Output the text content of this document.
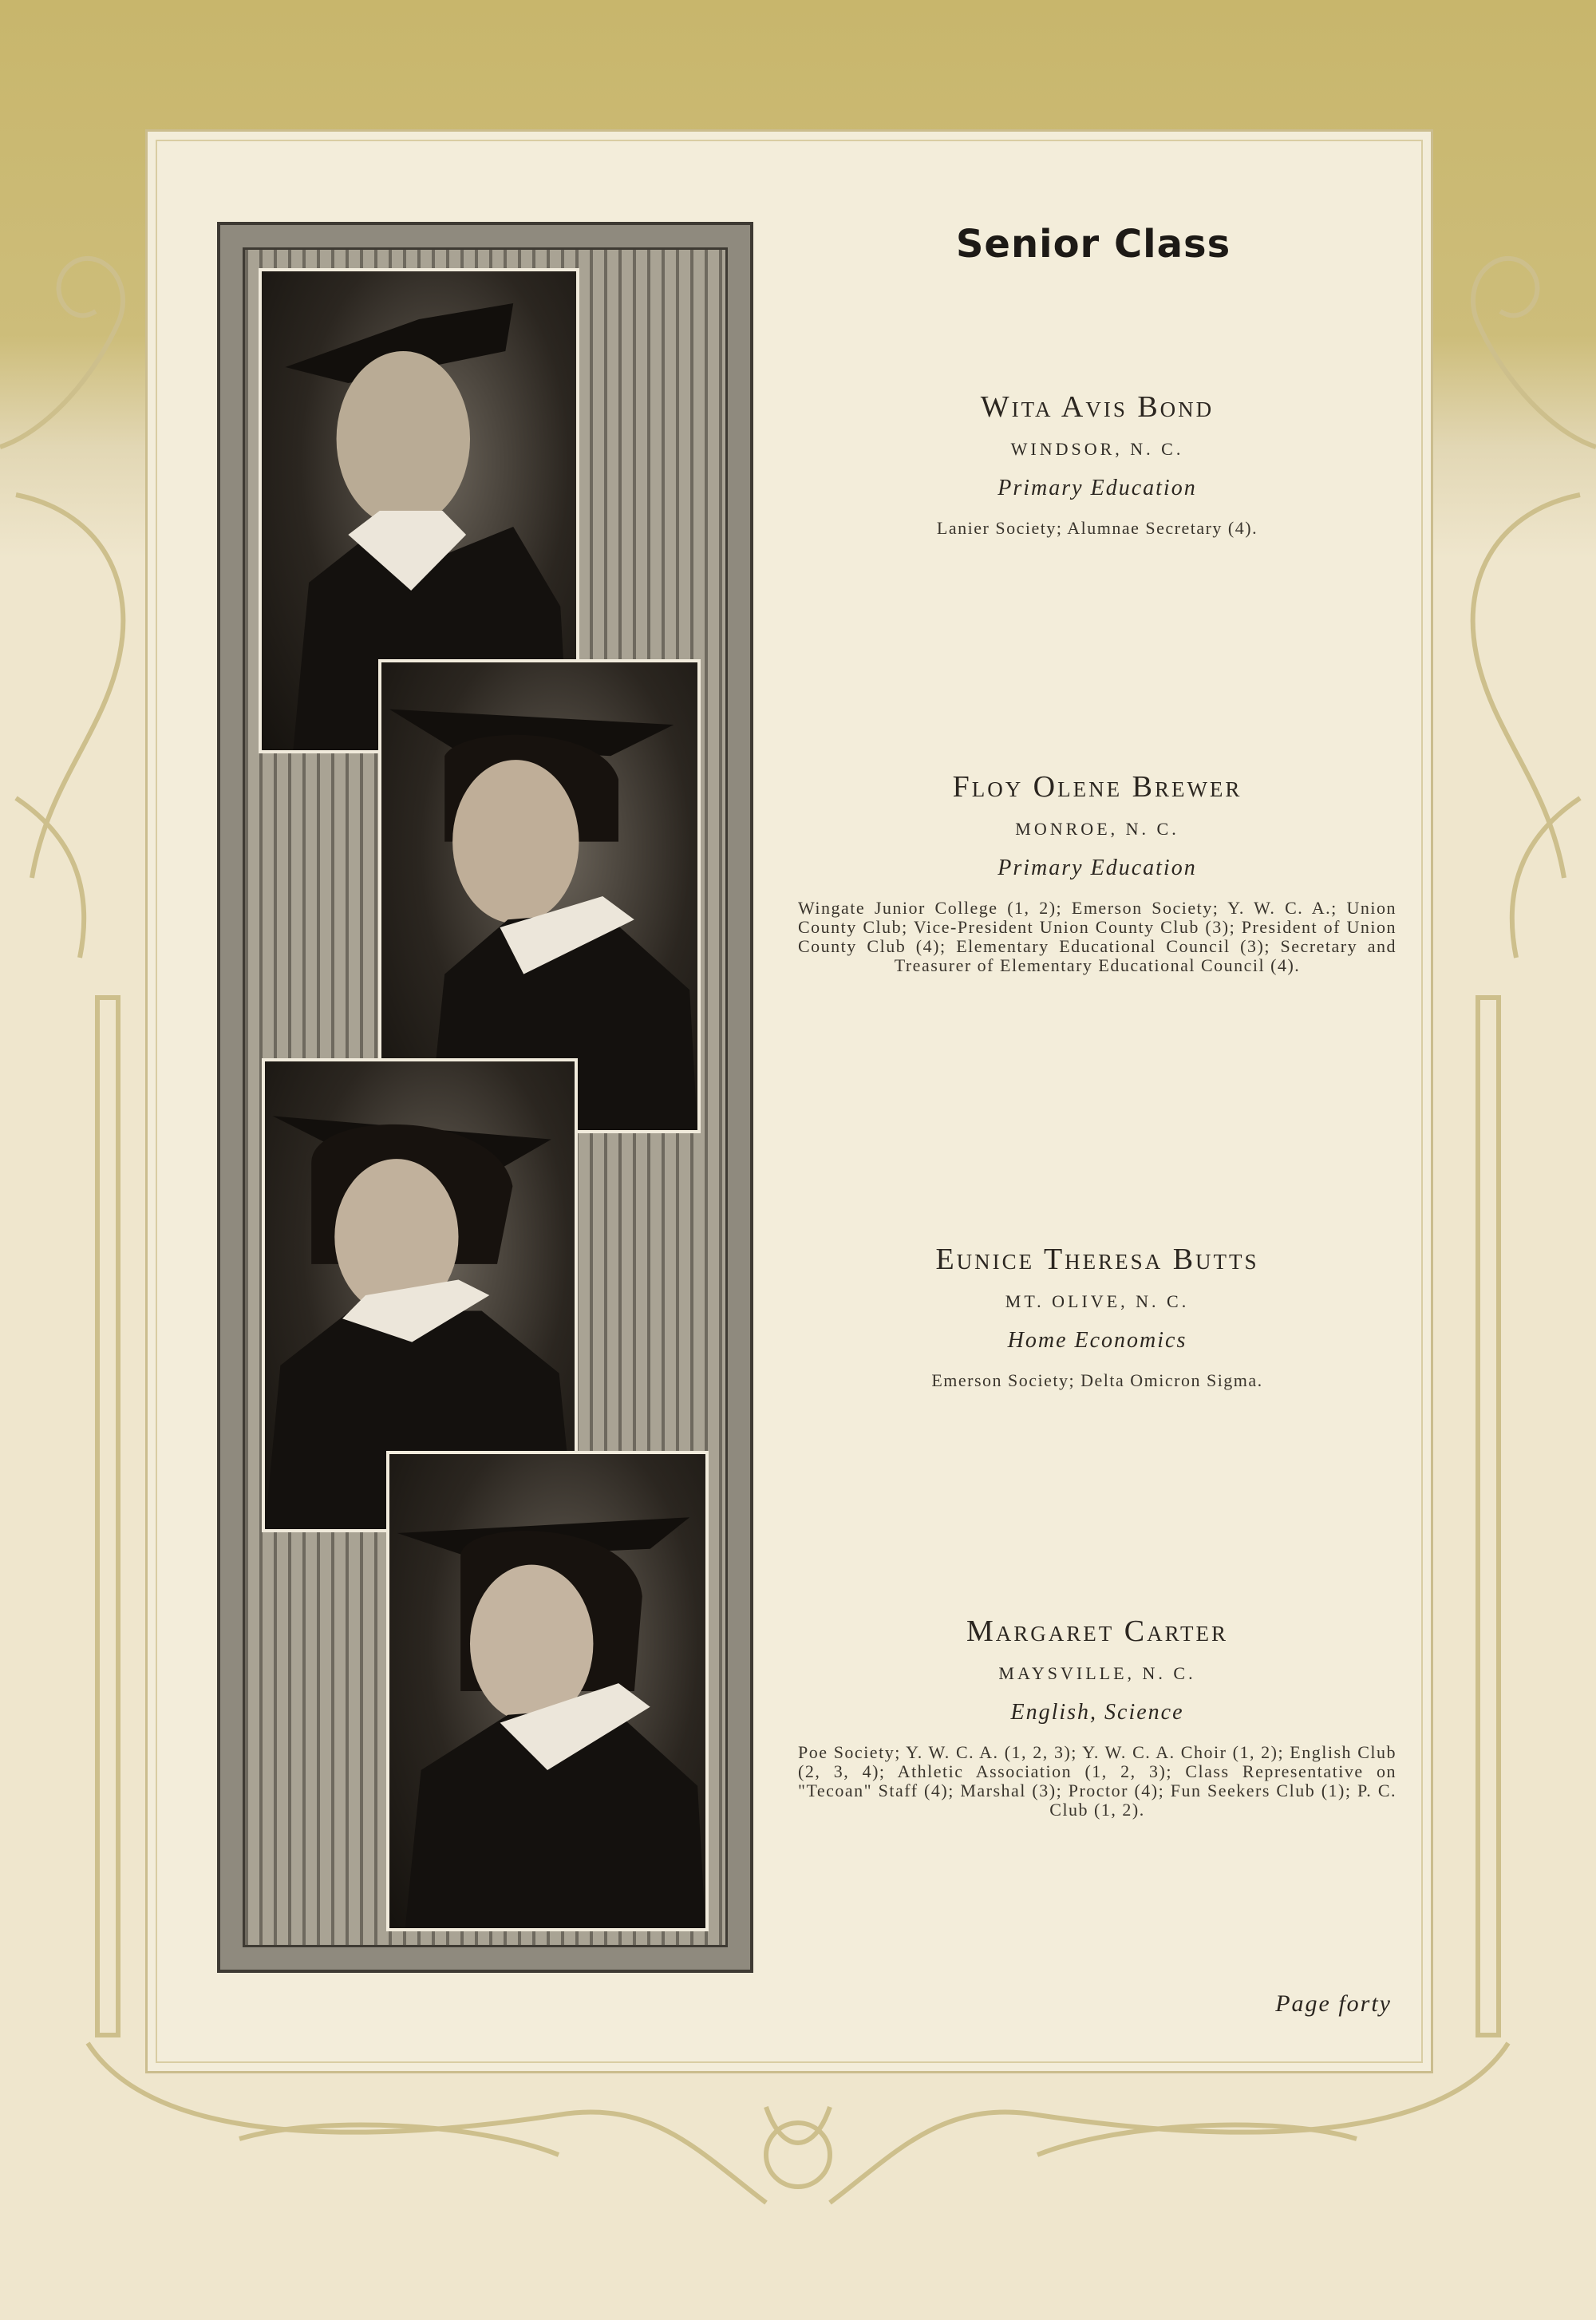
Senior Class

Wita Avis Bond

WINDSOR, N. C.

Primary Education

Lanier Society; Alumnae Secretary (4).

Floy Olene Brewer

MONROE, N. C.

Primary Education

Wingate Junior College (1, 2); Emerson Society; Y. W. C. A.; Union County Club; Vice-President Union County Club (3); President of Union County Club (4); Elementary Educational Council (3); Secretary and Treasurer of Elementary Educational Council (4).

Eunice Theresa Butts

MT. OLIVE, N. C.

Home Economics

Emerson Society; Delta Omicron Sigma.

Margaret Carter

MAYSVILLE, N. C.

English, Science

Poe Society; Y. W. C. A. (1, 2, 3); Y. W. C. A. Choir (1, 2); English Club (2, 3, 4); Athletic Association (1, 2, 3); Class Representative on "Tecoan" Staff (4); Marshal (3); Proctor (4); Fun Seekers Club (1); P. C. Club (1, 2).

Page forty
